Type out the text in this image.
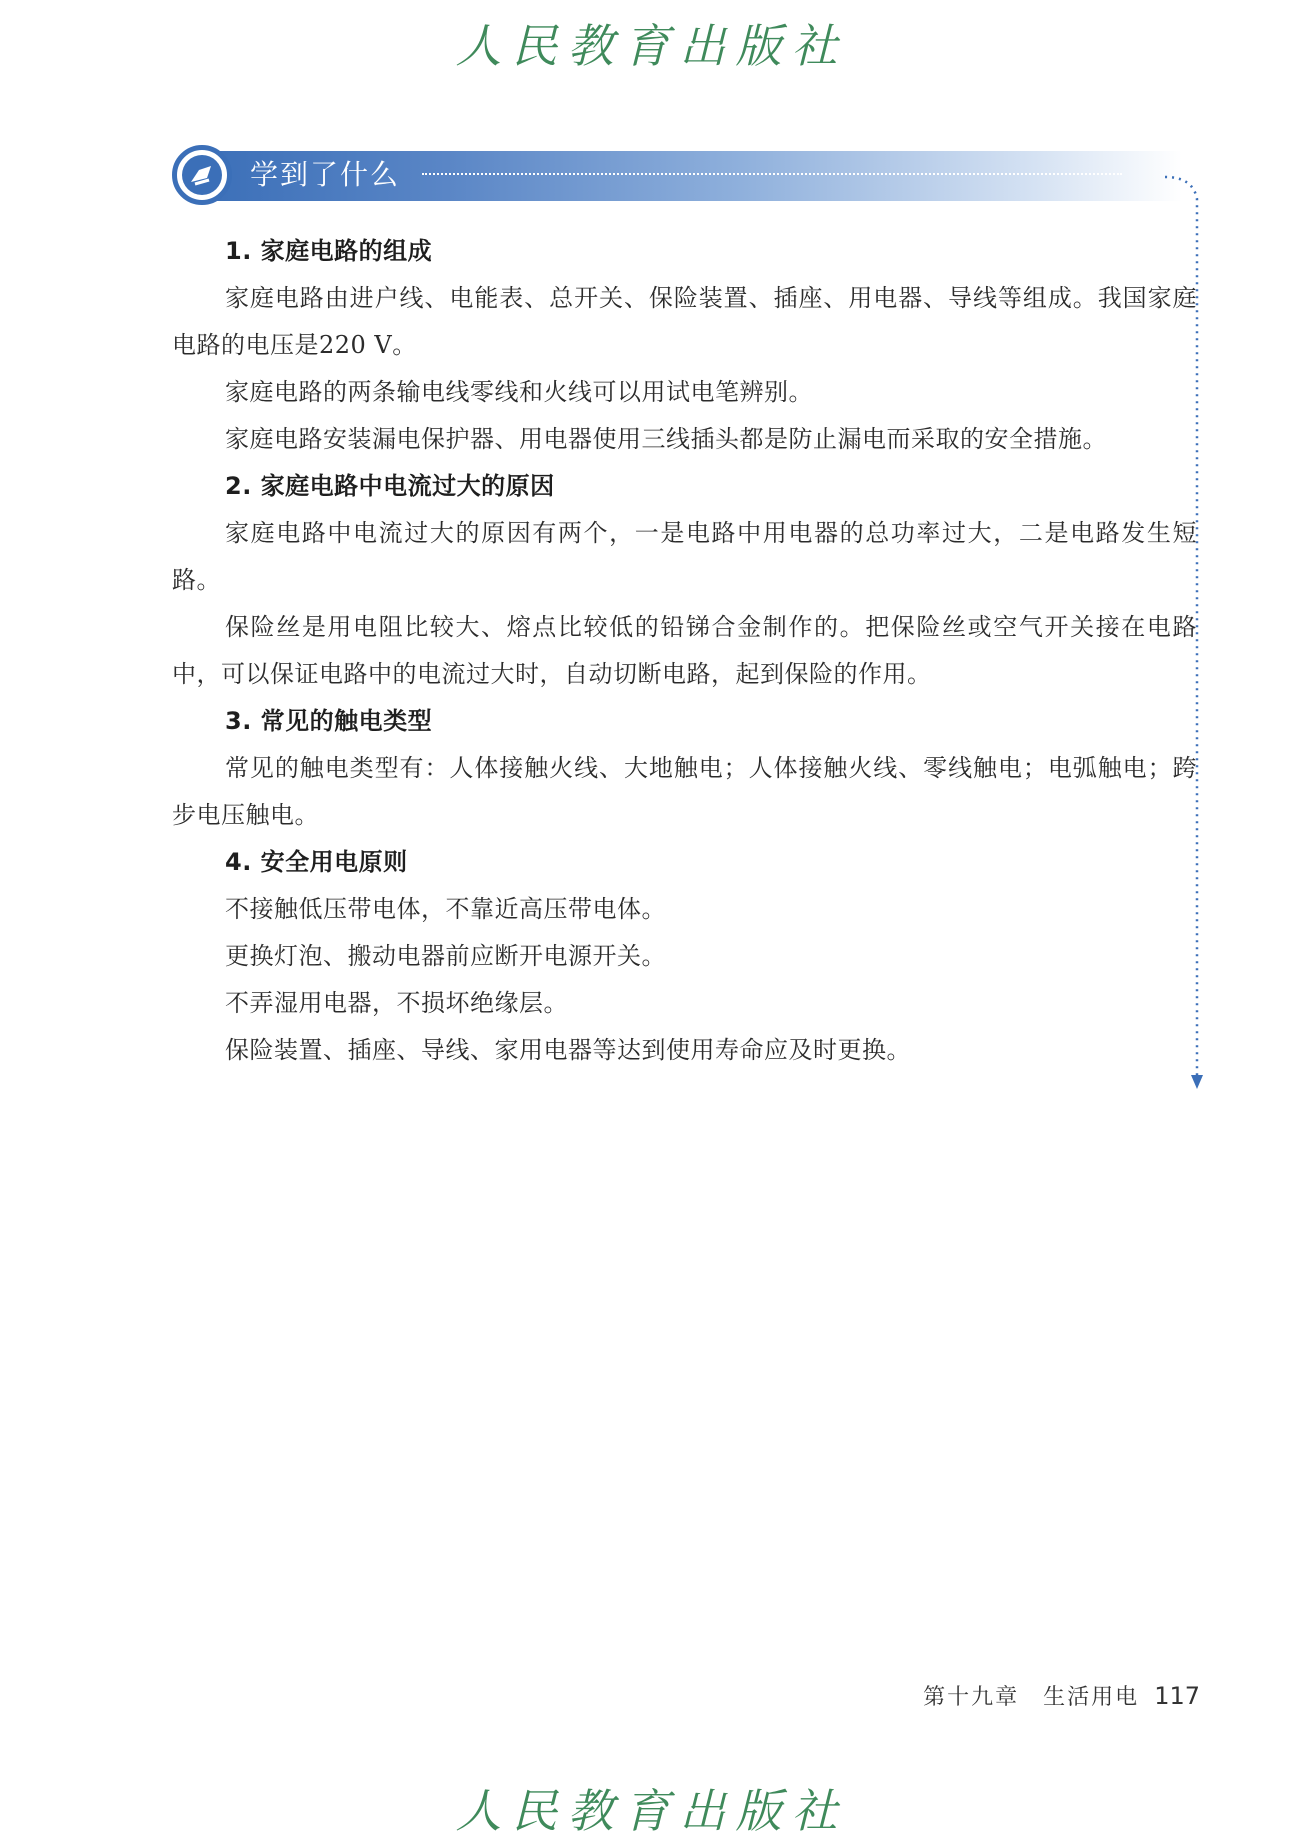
人民教育出版社
学到了什么
1. 家庭电路的组成

家庭电路由进户线、电能表、总开关、保险装置、插座、用电器、导线等组成。我国家庭电路的电压是220 V。

家庭电路的两条输电线零线和火线可以用试电笔辨别。

家庭电路安装漏电保护器、用电器使用三线插头都是防止漏电而采取的安全措施。

2. 家庭电路中电流过大的原因

家庭电路中电流过大的原因有两个，一是电路中用电器的总功率过大，二是电路发生短路。

保险丝是用电阻比较大、熔点比较低的铅锑合金制作的。把保险丝或空气开关接在电路中，可以保证电路中的电流过大时，自动切断电路，起到保险的作用。

3. 常见的触电类型

常见的触电类型有：人体接触火线、大地触电；人体接触火线、零线触电；电弧触电；跨步电压触电。

4. 安全用电原则

不接触低压带电体，不靠近高压带电体。

更换灯泡、搬动电器前应断开电源开关。

不弄湿用电器，不损坏绝缘层。

保险装置、插座、导线、家用电器等达到使用寿命应及时更换。

第十九章　生活用电 117
人民教育出版社
